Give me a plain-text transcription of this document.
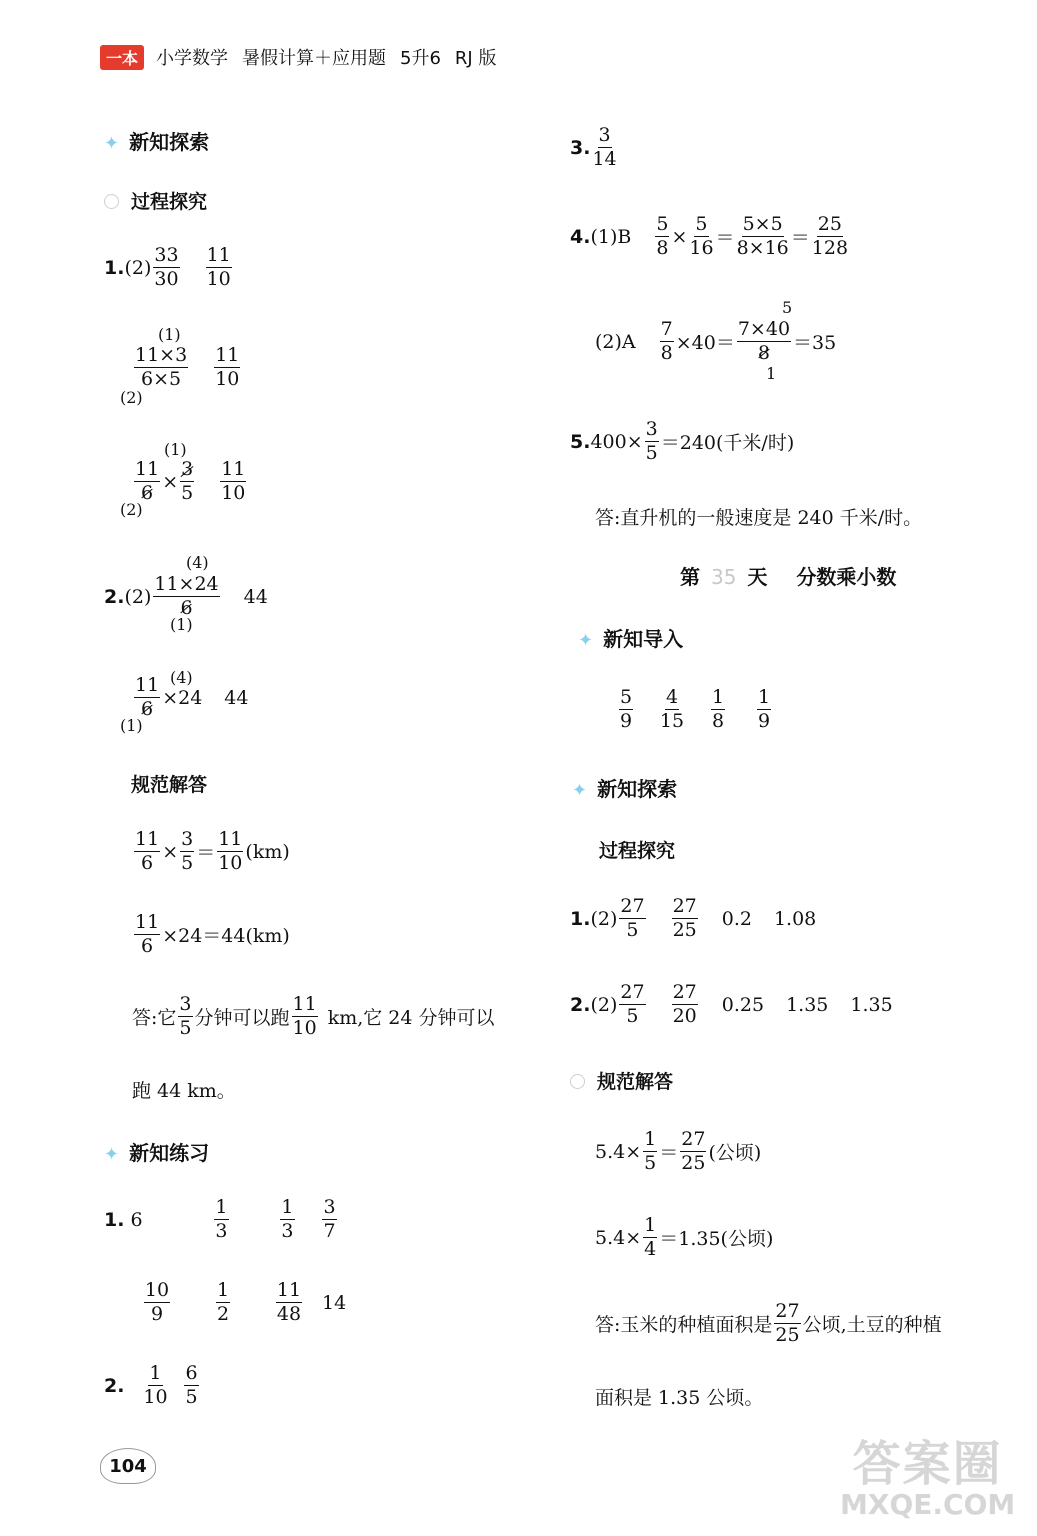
一本	小学数学 暑假计算＋应用题 5升6 RJ 版
✦ 新知探索
过程探究
1. $(2) \frac{33}{30} \frac{11}{10}$
(1)
$\frac{11\times 3}{6\times 5} \frac{11}{10}$
(2)
(1)
$\frac{11}{6} \times \frac{3}{5} \frac{11}{10}$
(2)
(4)
2. $(2) \frac{11\times 24}{6} 44$
(1)
(4)
$\frac{11}{6} \times 24$ 44
(1)
规范解答
$\frac{11}{6} \times \frac{3}{5} = \frac{11}{10} (km)$
$\frac{11}{6} \times 24=44(km)$
答:它 $\frac{3}{5}$ 分钟可以跑 $\frac{11}{10}$ km,它 24 分钟可以
跑 44 km。
✦ 新知练习
1. 6	$\frac{1}{3} \frac{1}{3} \frac{3}{7}$
$\frac{10}{9} \frac{1}{2} \frac{11}{48} 14$
2. $\frac{1}{10} \frac{6}{5}$
104
3. $\frac{3}{14}$
4. $(1)B \frac{5}{8} \times \frac{5}{16} = \frac{5\times 5}{8\times 16} = \frac{25}{128}$
5
$(2)A \frac{7}{8} \times 40= \frac{7\times 40}{8} =35$
1
5. $400\times \frac{3}{5} =240$(千米/时)
答:直升机的一般速度是 240 千米/时。
第 35 天 分数乘小数
✦ 新知导入
$\frac{5}{9} \frac{4}{15} \frac{1}{8} \frac{1}{9}$
✦ 新知探索
过程探究
1. $(2) \frac{27}{5} \frac{27}{25} 0.2$ 1.08
2. $(2) \frac{27}{5} \frac{27}{20} 0.25$ 1.35 1.35
规范解答
$5.4\times \frac{1}{5} = \frac{27}{25}$ (公顷)
$5.4\times \frac{1}{4} =1.35$(公顷)
答:玉米的种植面积是 $\frac{27}{25}$ 公顷,土豆的种植
面积是 1.35 公顷。
答案圈
MXQE.COM
